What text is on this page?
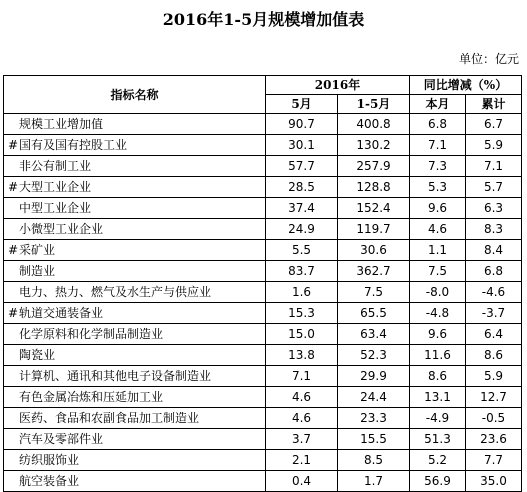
2016年1-5月规模增加值表
单位：亿元
指标名称	2016年		同比增减（%）	
	5月	1-5月	本月	累计
规模工业增加值	90.7	400.8	6.8	6.7
#国有及国有控股工业	30.1	130.2	7.1	5.9
非公有制工业	57.7	257.9	7.3	7.1
#大型工业企业	28.5	128.8	5.3	5.7
中型工业企业	37.4	152.4	9.6	6.3
小微型工业企业	24.9	119.7	4.6	8.3
#采矿业	5.5	30.6	1.1	8.4
制造业	83.7	362.7	7.5	6.8
电力、热力、燃气及水生产与供应业	1.6	7.5	-8.0	-4.6
#轨道交通装备业	15.3	65.5	-4.8	-3.7
化学原料和化学制品制造业	15.0	63.4	9.6	6.4
陶瓷业	13.8	52.3	11.6	8.6
计算机、通讯和其他电子设备制造业	7.1	29.9	8.6	5.9
有色金属冶炼和压延加工业	4.6	24.4	13.1	12.7
医药、食品和农副食品加工制造业	4.6	23.3	-4.9	-0.5
汽车及零部件业	3.7	15.5	51.3	23.6
纺织服饰业	2.1	8.5	5.2	7.7
航空装备业	0.4	1.7	56.9	35.0
